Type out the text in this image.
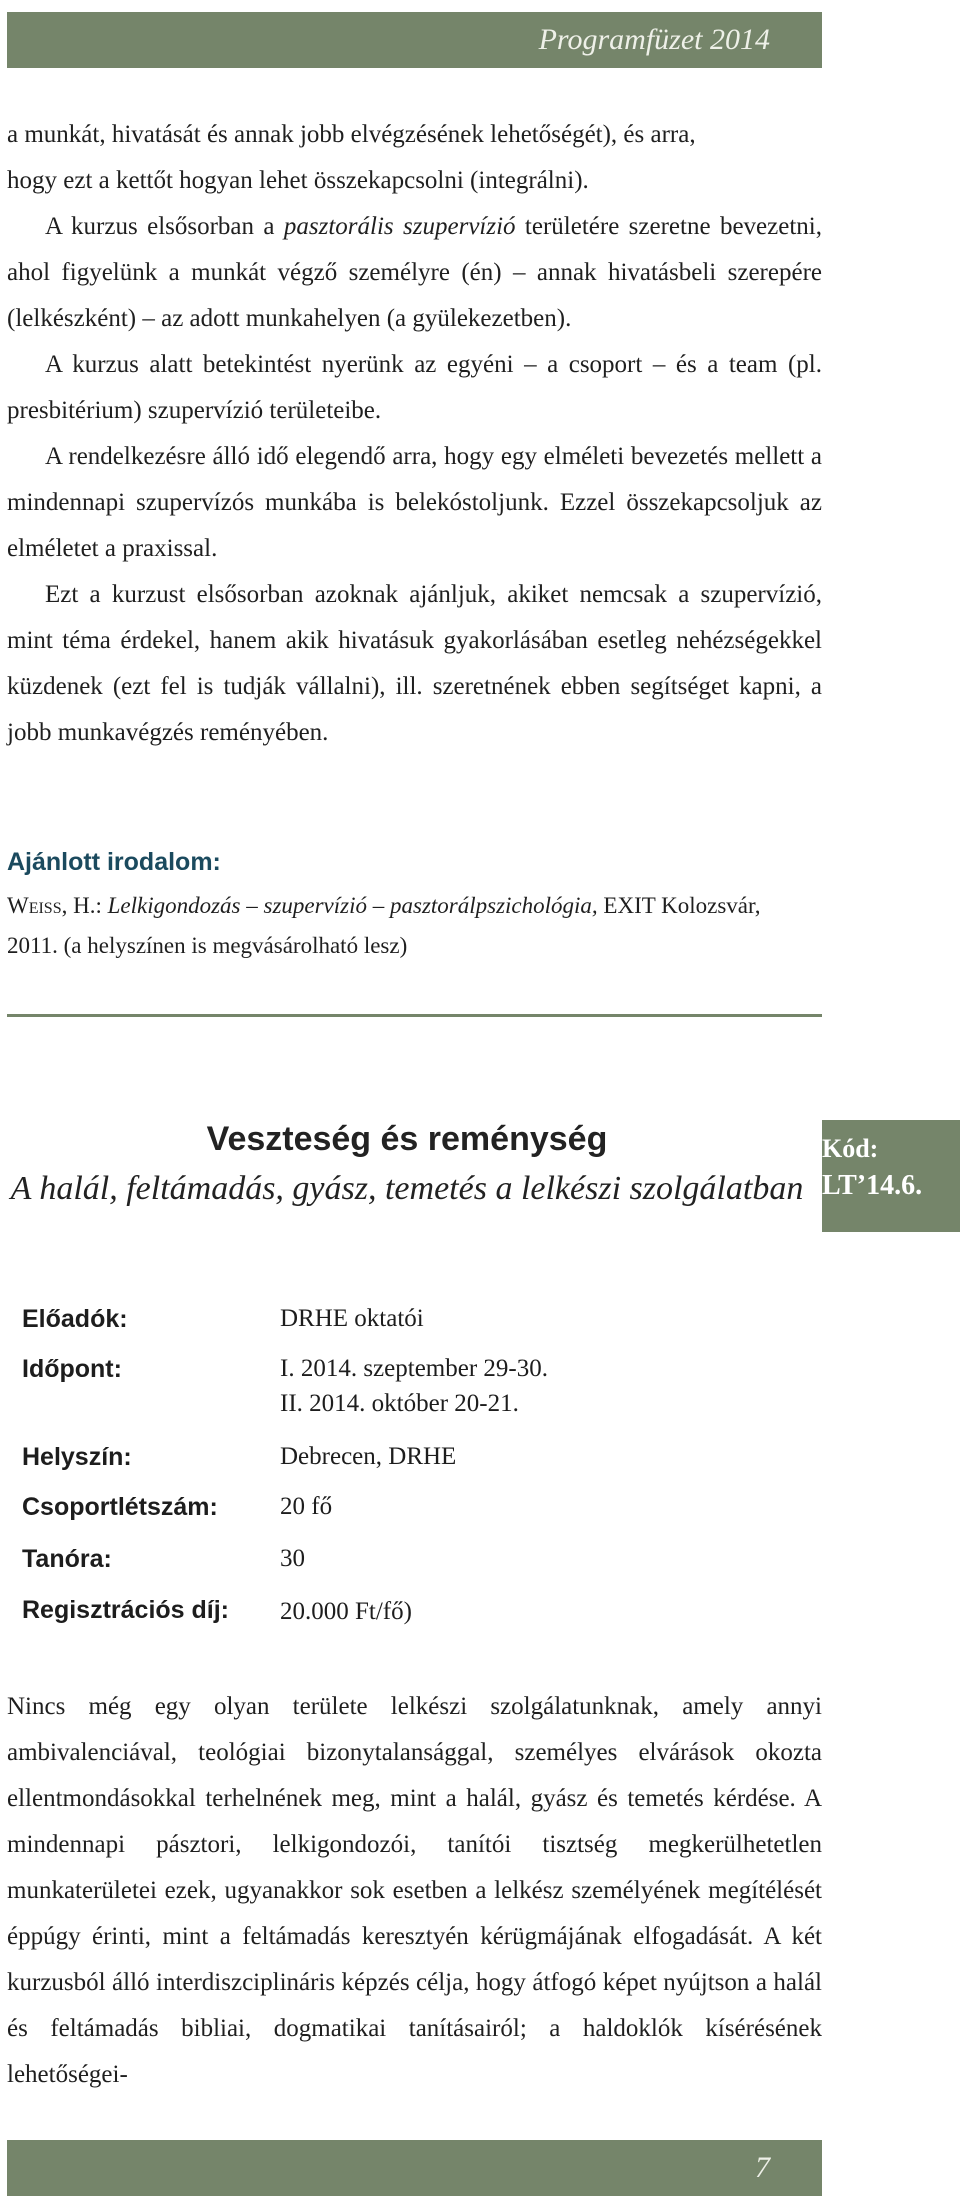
Programfüzet 2014

a munkát, hivatását és annak jobb elvégzésének lehetőségét), és arra,

hogy ezt a kettőt hogyan lehet összekapcsolni (integrálni).

A kurzus elsősorban a pasztorális szupervízió területére szeretne bevezetni, ahol figyelünk a munkát végző személyre (én) – annak hivatásbeli szerepére (lelkészként) – az adott munkahelyen (a gyülekezetben).

A kurzus alatt betekintést nyerünk az egyéni – a csoport – és a team (pl. presbitérium) szupervízió területeibe.

A rendelkezésre álló idő elegendő arra, hogy egy elméleti bevezetés mellett a mindennapi szupervízós munkába is belekóstoljunk. Ezzel összekapcsoljuk az elméletet a praxissal.

Ezt a kurzust elsősorban azoknak ajánljuk, akiket nemcsak a szupervízió, mint téma érdekel, hanem akik hivatásuk gyakorlásában esetleg nehézségekkel küzdenek (ezt fel is tudják vállalni), ill. szeretnének ebben segítséget kapni, a jobb munkavégzés reményében.

Ajánlott irodalom:

Weiß, H.: Lelkigondozás – szupervízió – pasztorálpszichológia, EXIT Kolozsvár,

2011. (a helyszínen is megvásárolható lesz)

Veszteség és reménység
A halál, feltámadás, gyász, temetés a lelkészi szolgálatban
Kód:
LT’14.6.
Előadók:	DRHE oktatói
Időpont:	I. 2014. szeptember 29-30.
II. 2014. október 20-21.
Helyszín:	Debrecen, DRHE
Csoportlétszám: 20 fő
Tanóra:	30
Regisztrációs díj: 20.000 Ft/fő)

Nincs még egy olyan területe lelkészi szolgálatunknak, amely annyi ambivalenciával, teológiai bizonytalansággal, személyes elvárások okozta ellentmondásokkal terhelnének meg, mint a halál, gyász és temetés kérdése. A mindennapi pásztori, lelkigondozói, tanítói tisztség megkerülhetetlen munkaterületei ezek, ugyanakkor sok esetben a lelkész személyének megítélését éppúgy érinti, mint a feltámadás keresztyén kérügmájának elfogadását. A két kurzusból álló interdiszciplináris képzés célja, hogy átfogó képet nyújtson a halál és feltámadás bibliai, dogmatikai tanításairól; a haldoklók kísérésének lehetőségei-

7
